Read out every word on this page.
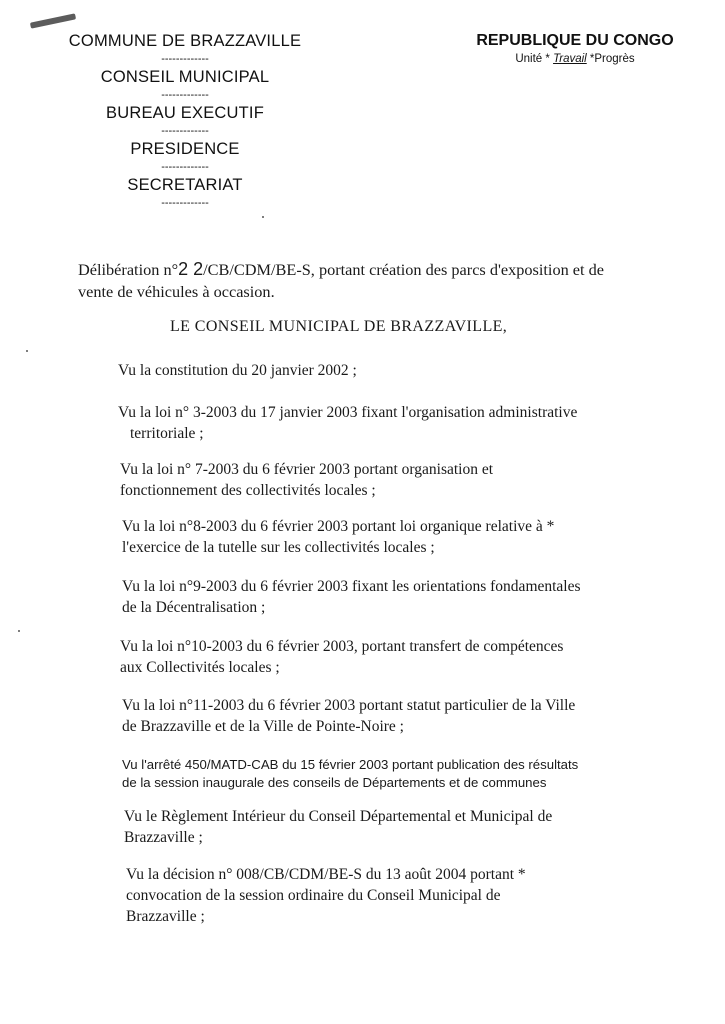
COMMUNE DE BRAZZAVILLE

-------------

CONSEIL MUNICIPAL

-------------

BUREAU EXECUTIF

-------------

PRESIDENCE

-------------

SECRETARIAT

-------------

REPUBLIQUE DU CONGO
Unité * Travail *Progrès
Délibération n°2 2/CB/CDM/BE-S, portant création des parcs d'exposition et de vente de véhicules à occasion.
LE CONSEIL MUNICIPAL DE BRAZZAVILLE,
Vu la constitution du 20 janvier 2002 ;
Vu la loi n° 3-2003 du 17 janvier 2003 fixant l'organisation administrative
territoriale ;
Vu la loi n° 7-2003 du 6 février 2003 portant organisation et
fonctionnement des collectivités locales ;
Vu la loi n°8-2003 du 6 février 2003 portant loi organique relative à *
l'exercice de la tutelle sur les collectivités locales ;
Vu la loi n°9-2003 du 6 février 2003 fixant les orientations fondamentales
de la Décentralisation ;
Vu la loi n°10-2003 du 6 février 2003, portant transfert de compétences
aux Collectivités locales ;
Vu la loi n°11-2003 du 6 février 2003 portant statut particulier de la Ville
de Brazzaville et de la Ville de Pointe-Noire ;
Vu l'arrêté 450/MATD-CAB du 15 février 2003 portant publication des résultats
de la session inaugurale des conseils de Départements et de communes
Vu le Règlement Intérieur du Conseil Départemental et Municipal de
Brazzaville ;
Vu la décision n° 008/CB/CDM/BE-S du 13 août 2004 portant *
convocation de la session ordinaire du Conseil Municipal de
Brazzaville ;
